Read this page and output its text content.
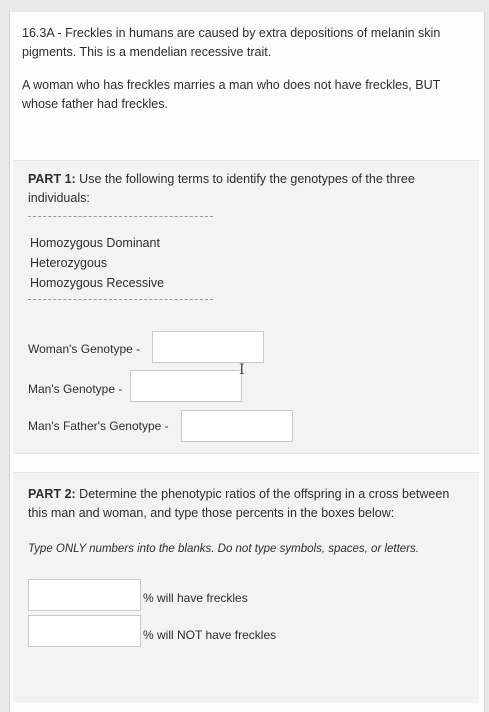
16.3A - Freckles in humans are caused by extra depositions of melanin skin pigments. This is a mendelian recessive trait.

A woman who has freckles marries a man who does not have freckles, BUT whose father had freckles.

PART 1: Use the following terms to identify the genotypes of the three individuals:
Homozygous Dominant
Heterozygous
Homozygous Recessive
Woman's Genotype -
Man's Genotype -
I
Man's Father's Genotype -
PART 2: Determine the phenotypic ratios of the offspring in a cross between this man and woman, and type those percents in the boxes below:
Type ONLY numbers into the blanks. Do not type symbols, spaces, or letters.
% will have freckles
% will NOT have freckles
